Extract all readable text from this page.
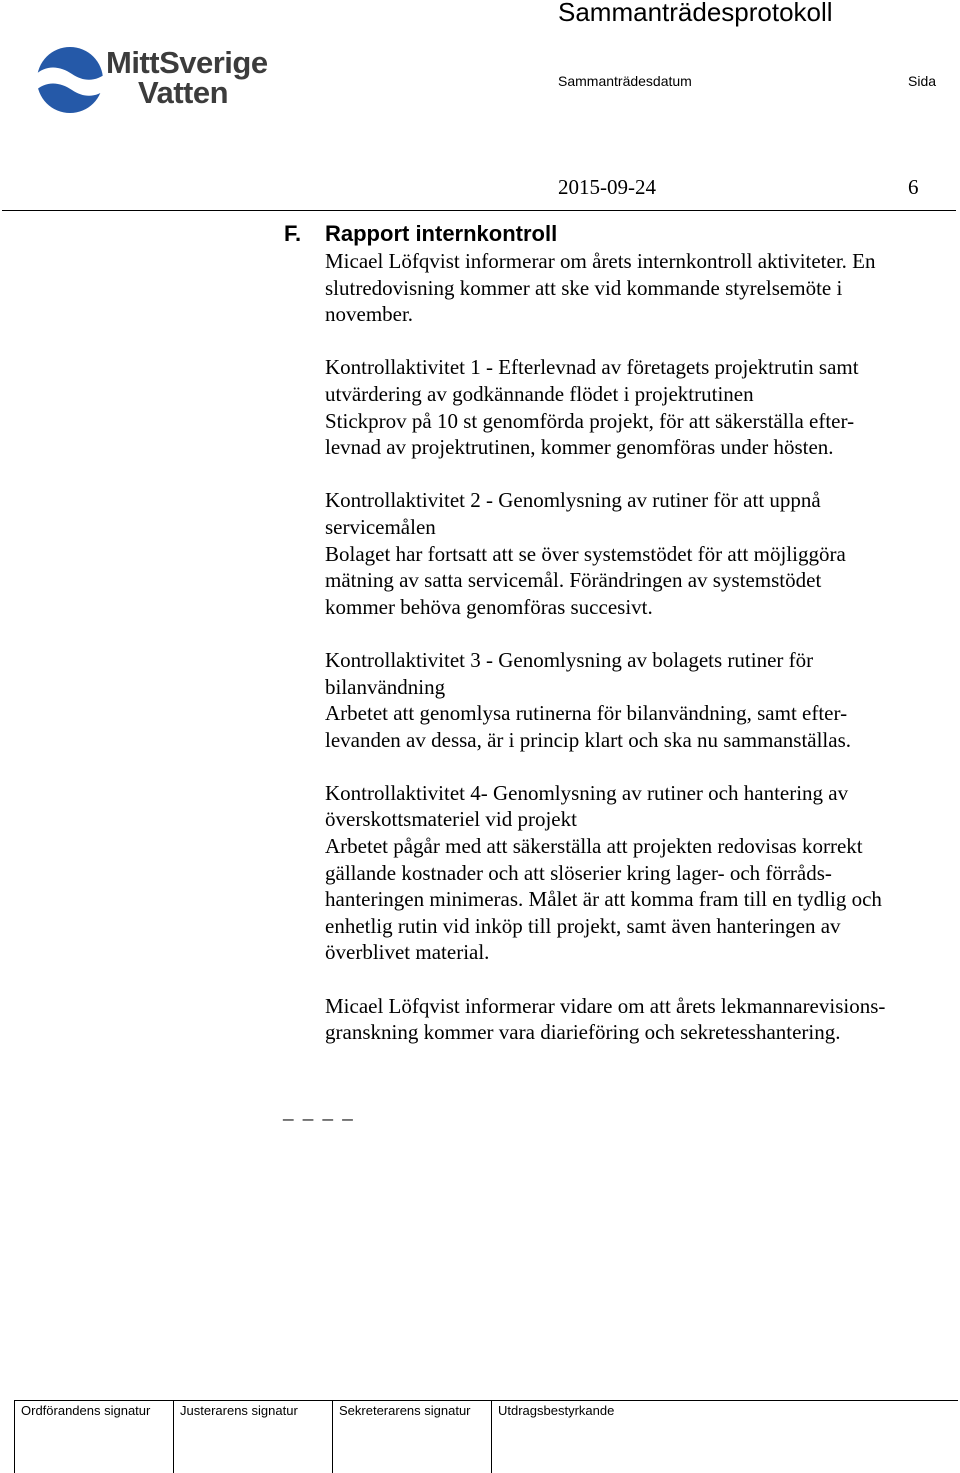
MittSverige
Vatten
Sammanträdesprotokoll
Sammanträdesdatum	Sida
2015-09-24	6
F. Rapport internkontroll

Micael Löfqvist informerar om årets internkontroll aktiviteter. En
slutredovisning kommer att ske vid kommande styrelsemöte i
november.

Kontrollaktivitet 1 - Efterlevnad av företagets projektrutin samt
utvärdering av godkännande flödet i projektrutinen
Stickprov på 10 st genomförda projekt, för att säkerställa efter-
levnad av projektrutinen, kommer genomföras under hösten.

Kontrollaktivitet 2 - Genomlysning av rutiner för att uppnå
servicemålen
Bolaget har fortsatt att se över systemstödet för att möjliggöra
mätning av satta servicemål. Förändringen av systemstödet
kommer behöva genomföras succesivt.

Kontrollaktivitet 3 - Genomlysning av bolagets rutiner för
bilanvändning
Arbetet att genomlysa rutinerna för bilanvändning, samt efter-
levanden av dessa, är i princip klart och ska nu sammanställas.

Kontrollaktivitet 4- Genomlysning av rutiner och hantering av
överskottsmateriel vid projekt
Arbetet pågår med att säkerställa att projekten redovisas korrekt
gällande kostnader och att slöserier kring lager- och förråds-
hanteringen minimeras. Målet är att komma fram till en tydlig och
enhetlig rutin vid inköp till projekt, samt även hanteringen av
överblivet material.

Micael Löfqvist informerar vidare om att årets lekmannarevisions-
granskning kommer vara diarieföring och sekretesshantering.

_ _ _ _
Ordförandens signatur	Justerarens signatur	Sekreterarens signatur	Utdragsbestyrkande
